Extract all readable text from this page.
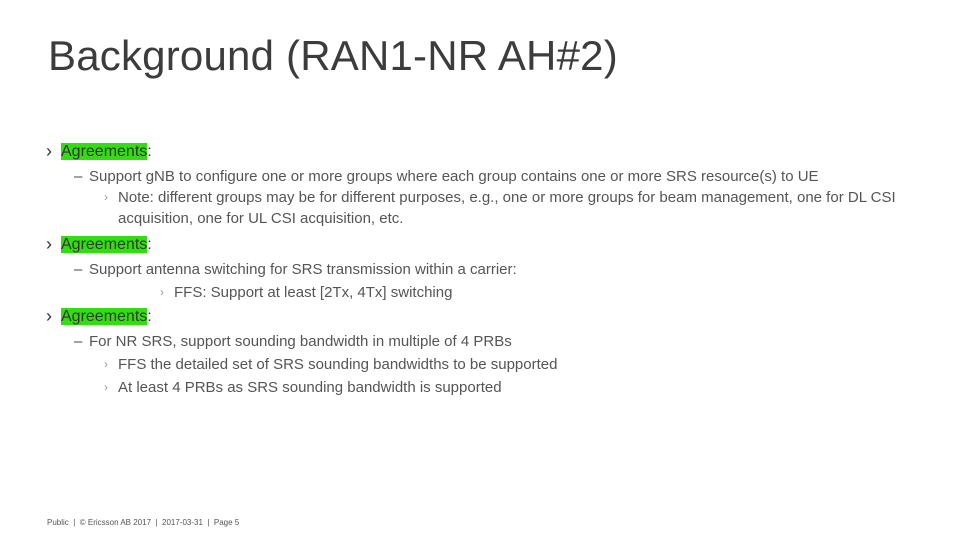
Background (RAN1-NR AH#2)
› Agreements:
– Support gNB to configure one or more groups where each group contains one or more SRS resource(s) to UE
› Note: different groups may be for different purposes, e.g., one or more groups for beam management, one for DL CSI acquisition, one for UL CSI acquisition, etc.
› Agreements:
– Support antenna switching for SRS transmission within a carrier:
› FFS: Support at least [2Tx, 4Tx] switching
› Agreements:
– For NR SRS, support sounding bandwidth in multiple of 4 PRBs
› FFS the detailed set of SRS sounding bandwidths to be supported
› At least 4 PRBs as SRS sounding bandwidth is supported
Public  |  © Ericsson AB 2017  |  2017-03-31  |  Page 5
